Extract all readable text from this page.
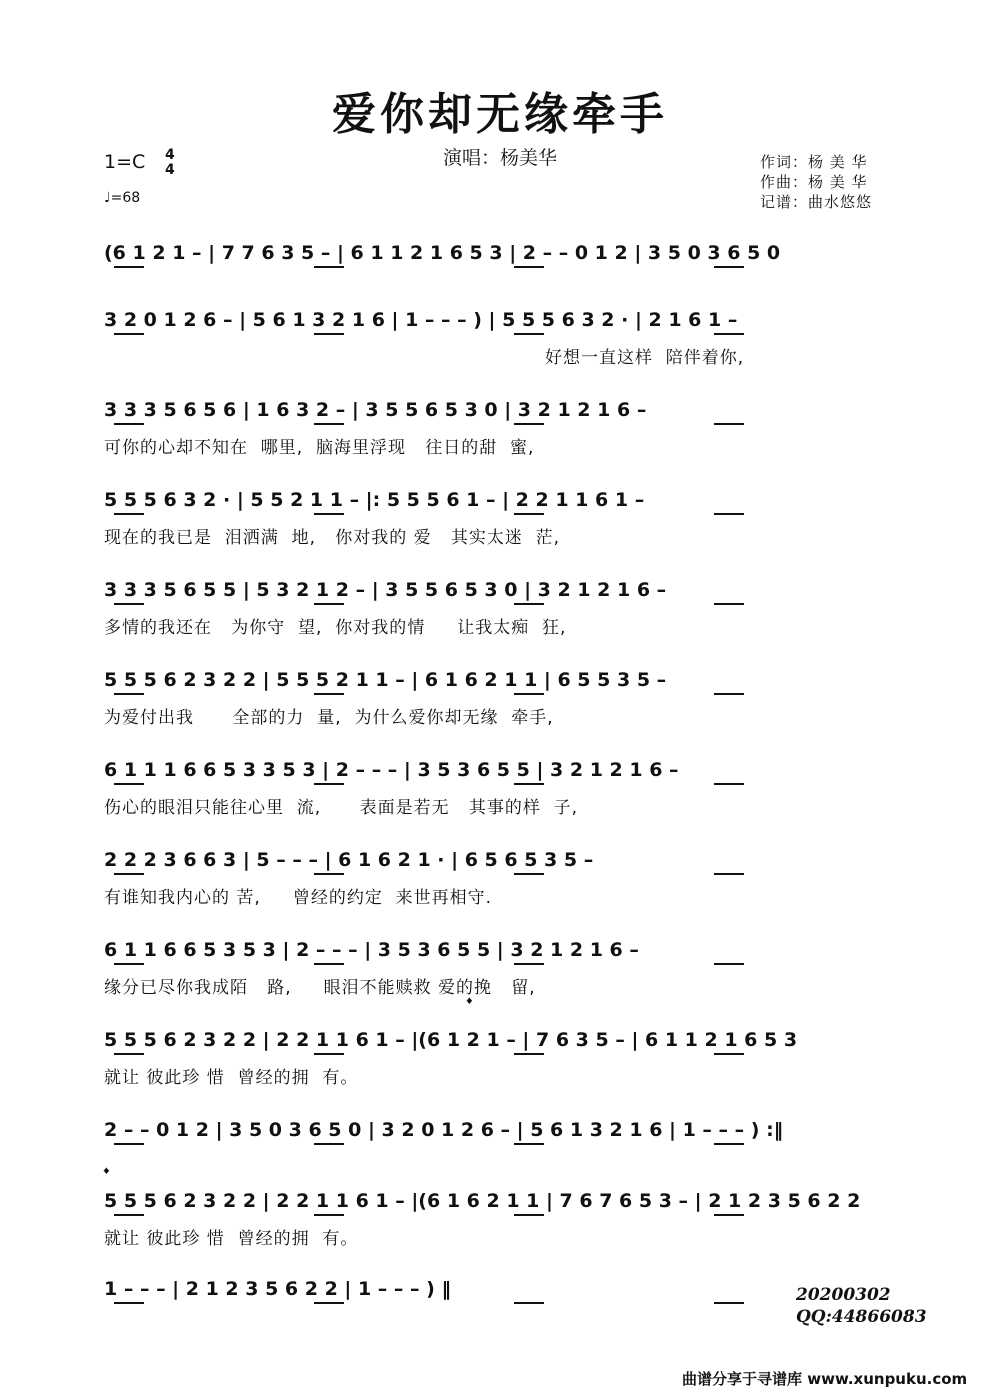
爱你却无缘牵手
演唱：杨美华
1=C 4
4
♩=68
作词：杨 美 华
作曲：杨 美 华
记谱：曲水悠悠
(6 1 2 1 – | 7 7 6 3 5 – | 6 1 1 2 1 6 5 3 | 2 – – 0 1 2 | 3 5 0 3 6 5 0
3 2 0 1 2 6 – | 5 6 1 3 2 1 6 | 1 – – – ) | 5 5 5 6 3 2 · | 2 1 6 1 –
好想一直这样  陪伴着你,
3 3 3 5 6 5 6 | 1 6 3 2 – | 3 5 5 6 5 3 0 | 3 2 1 2 1 6 –
可你的心却不知在  哪里,  脑海里浮现   往日的甜  蜜,
5 5 5 6 3 2 · | 5 5 2 1 1 – |: 5 5 5 6 1 – | 2 2 1 1 6 1 –
现在的我已是  泪洒满  地,   你对我的 爱   其实太迷  茫,
3 3 3 5 6 5 5 | 5 3 2 1 2 – | 3 5 5 6 5 3 0 | 3 2 1 2 1 6 –
多情的我还在   为你守  望,  你对我的情     让我太痴  狂,
5 5 5 6 2 3 2 2 | 5 5 5 2 1 1 – | 6 1 6 2 1 1 | 6 5 5 3 5 –
为爱付出我      全部的力  量,  为什么爱你却无缘  牵手,
6 1 1 1 6 6 5 3 3 5 3 | 2 – – – | 3 5 3 6 5 5 | 3 2 1 2 1 6 –
伤心的眼泪只能往心里  流,      表面是若无   其事的样  子,
2 2 2 3 6 6 3 | 5 – – – | 6 1 6 2 1 · | 6 5 6 5 3 5 –
有谁知我内心的 苦,     曾经的约定  来世再相守.
6 1 1 6 6 5 3 5 3 | 2 – – – | 3 5 3 6 5 5 | 3 2 1 2 1 6 –
缘分已尽你我成陌   路,     眼泪不能赎救 爱的挽   留,
5 5 5 6 2 3 2 2 | 2 2 1 1 6 1 – |(6 1 2 1 – | 7 6 3 5 – | 6 1 1 2 1 6 5 3
就让 彼此珍 惜  曾经的拥  有。
2 – – 0 1 2 | 3 5 0 3 6 5 0 | 3 2 0 1 2 6 – | 5 6 1 3 2 1 6 | 1 – – – ) :‖
5 5 5 6 2 3 2 2 | 2 2 1 1 6 1 – |(6 1 6 2 1 1 | 7 6 7 6 5 3 – | 2 1 2 3 5 6 2 2
就让 彼此珍 惜  曾经的拥  有。
1 – – – | 2 1 2 3 5 6 2 2 | 1 – – – ) ‖
𝄌
𝄌
20200302
QQ:44866083
曲谱分享于寻谱库 www.xunpuku.com
